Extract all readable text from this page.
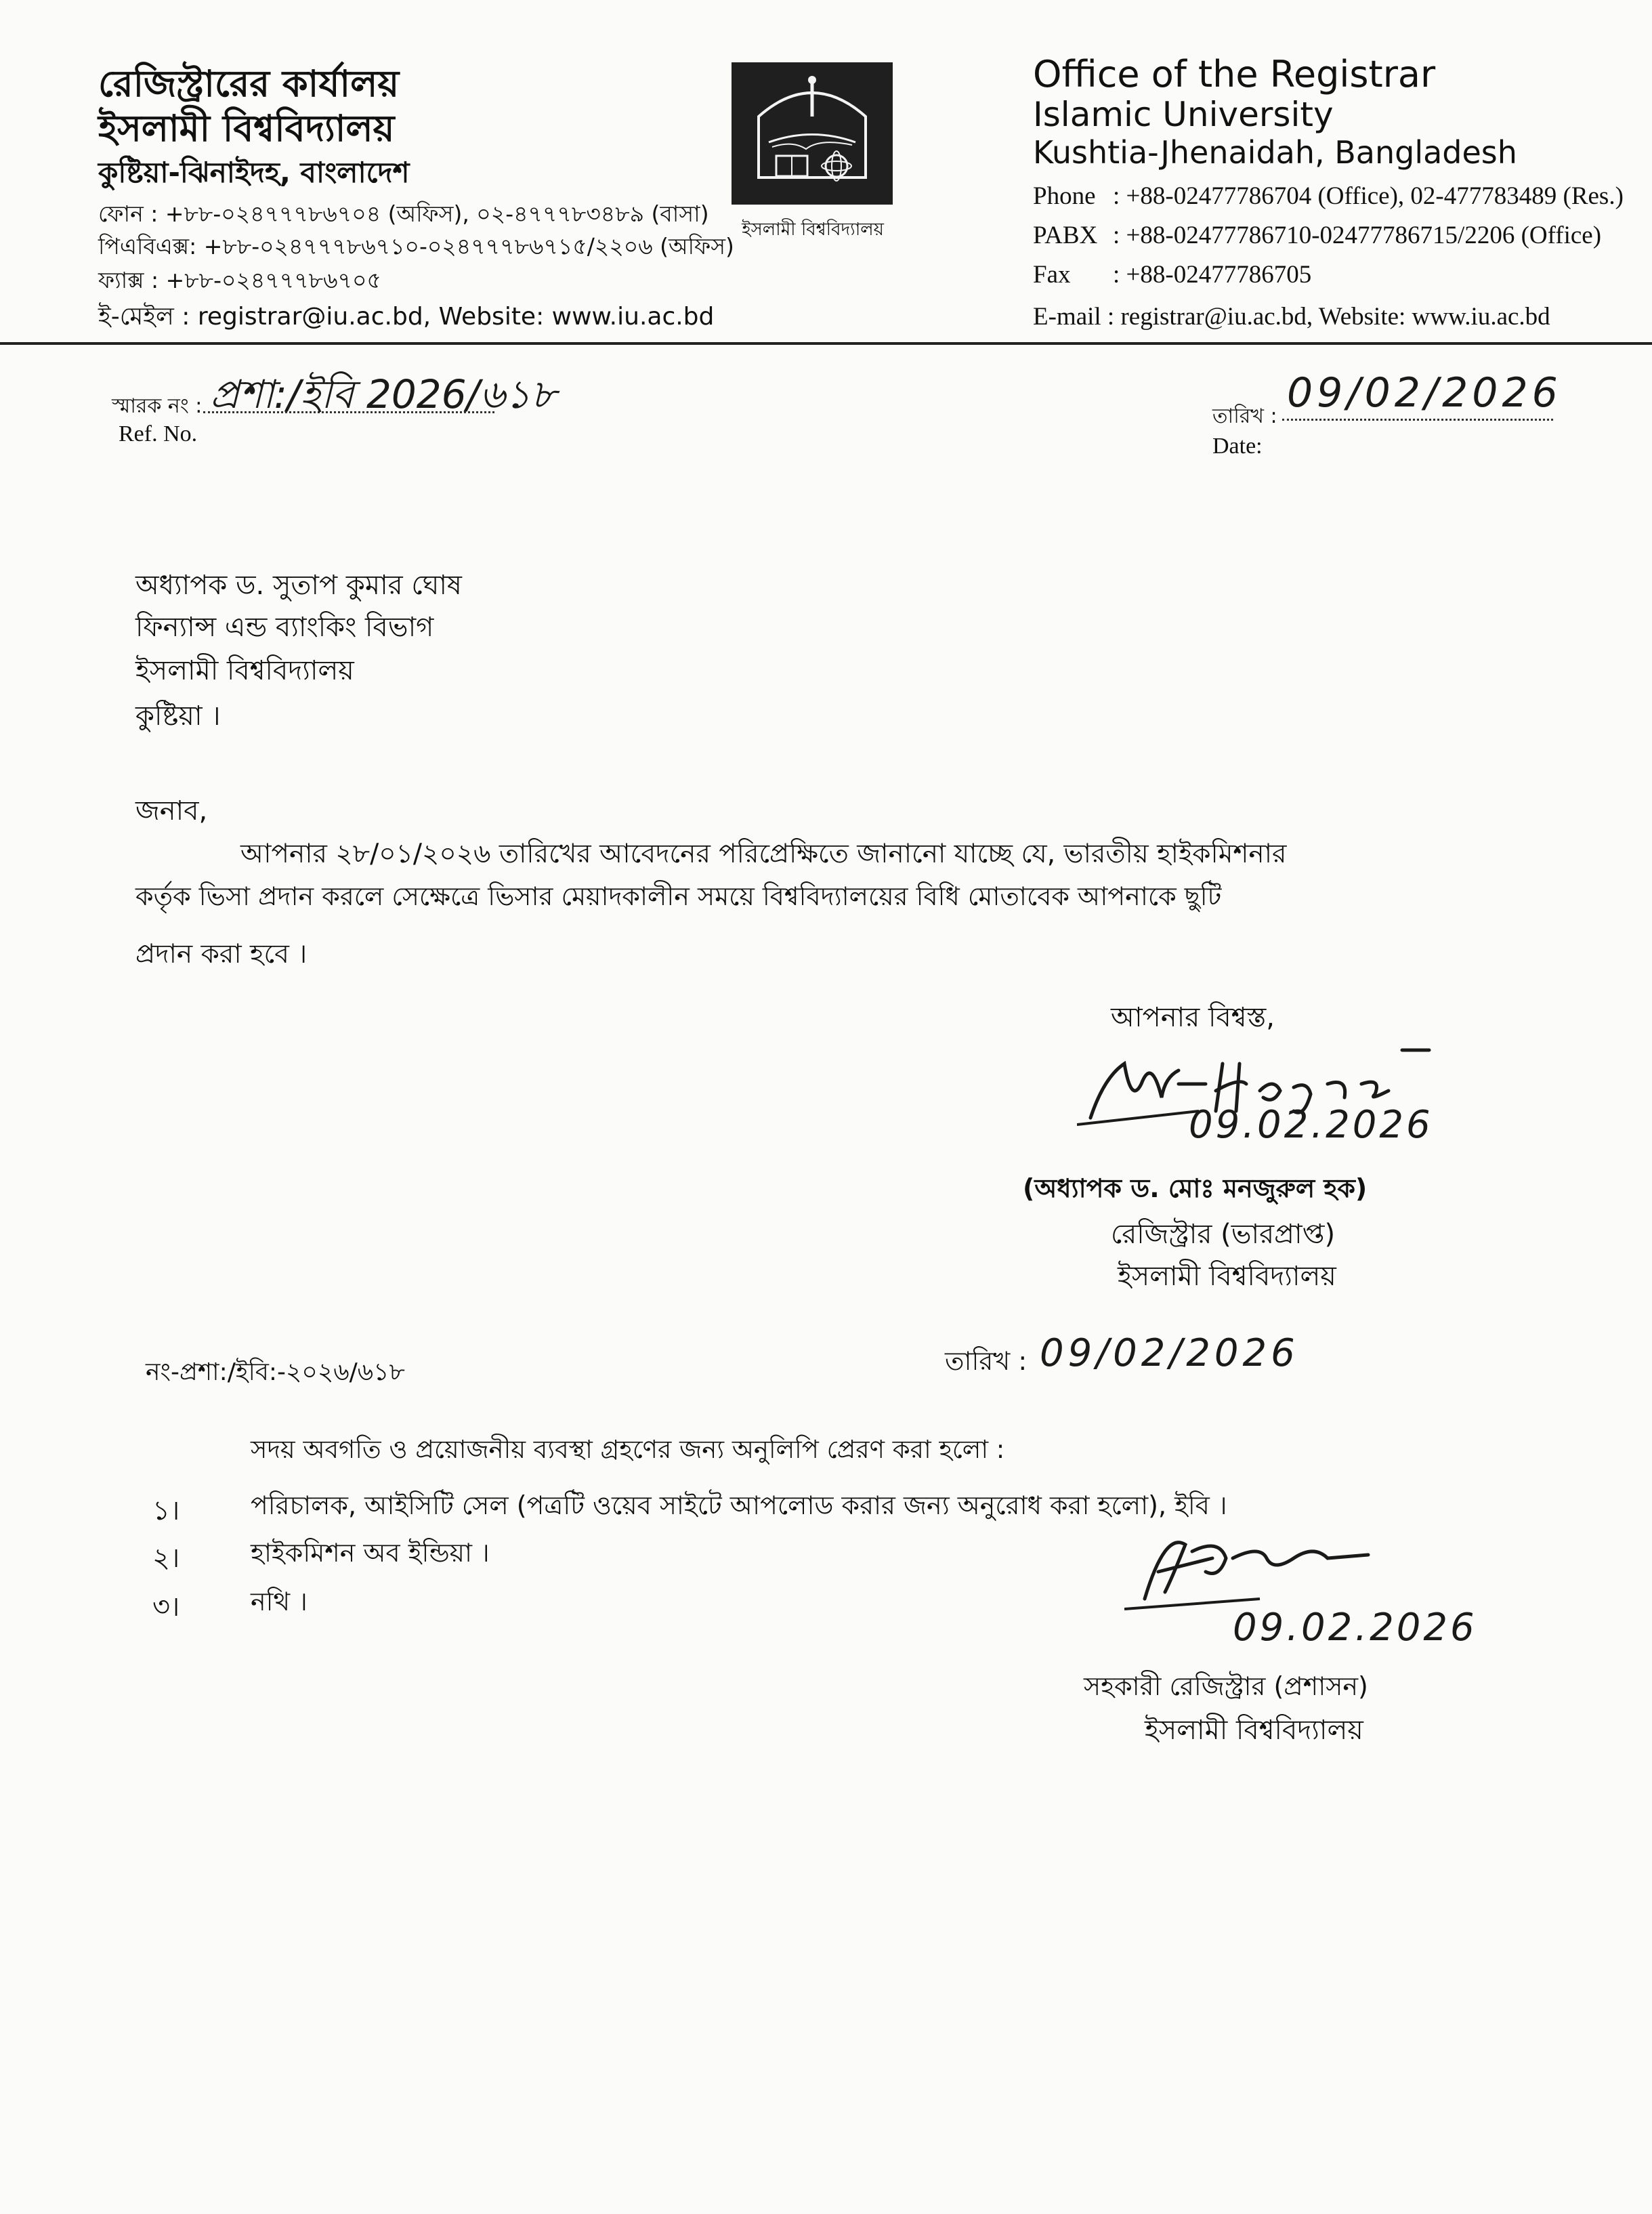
রেজিস্ট্রারের কার্যালয়
ইসলামী বিশ্ববিদ্যালয়
কুষ্টিয়া-ঝিনাইদহ, বাংলাদেশ
ফোন : +৮৮-০২৪৭৭৭৮৬৭০৪ (অফিস), ০২-৪৭৭৭৮৩৪৮৯ (বাসা)
পিএবিএক্স: +৮৮-০২৪৭৭৭৮৬৭১০-০২৪৭৭৭৮৬৭১৫/২২০৬ (অফিস)
ফ্যাক্স : +৮৮-০২৪৭৭৭৮৬৭০৫
ই-মেইল : registrar@iu.ac.bd, Website: www.iu.ac.bd
ইসলামী বিশ্ববিদ্যালয়
Office of the Registrar
Islamic University
Kushtia-Jhenaidah, Bangladesh
Phone : +88-02477786704 (Office), 02-477783489 (Res.)
PABX : +88-02477786710-02477786715/2206 (Office)
Fax : +88-02477786705
E-mail : registrar@iu.ac.bd, Website: www.iu.ac.bd
স্মারক নং : প্রশা:/ইবি 2026/৬১৮
Ref. No.
তারিখ : 09/02/2026
Date:
অধ্যাপক ড. সুতাপ কুমার ঘোষ
ফিন্যান্স এন্ড ব্যাংকিং বিভাগ
ইসলামী বিশ্ববিদ্যালয়
কুষ্টিয়া ।
জনাব,
আপনার ২৮/০১/২০২৬ তারিখের আবেদনের পরিপ্রেক্ষিতে জানানো যাচ্ছে যে, ভারতীয় হাইকমিশনার
কর্তৃক ভিসা প্রদান করলে সেক্ষেত্রে ভিসার মেয়াদকালীন সময়ে বিশ্ববিদ্যালয়ের বিধি মোতাবেক আপনাকে ছুটি
প্রদান করা হবে ।
আপনার বিশ্বস্ত,
09.02.2026
(অধ্যাপক ড. মোঃ মনজুরুল হক)
রেজিস্ট্রার (ভারপ্রাপ্ত)
ইসলামী বিশ্ববিদ্যালয়
নং-প্রশা:/ইবি:-২০২৬/৬১৮	তারিখ : 09/02/2026
সদয় অবগতি ও প্রয়োজনীয় ব্যবস্থা গ্রহণের জন্য অনুলিপি প্রেরণ করা হলো :
১।	পরিচালক, আইসিটি সেল (পত্রটি ওয়েব সাইটে আপলোড করার জন্য অনুরোধ করা হলো), ইবি ।
২।	হাইকমিশন অব ইন্ডিয়া ।
৩।	নথি ।
09.02.2026
সহকারী রেজিস্ট্রার (প্রশাসন)
ইসলামী বিশ্ববিদ্যালয়
